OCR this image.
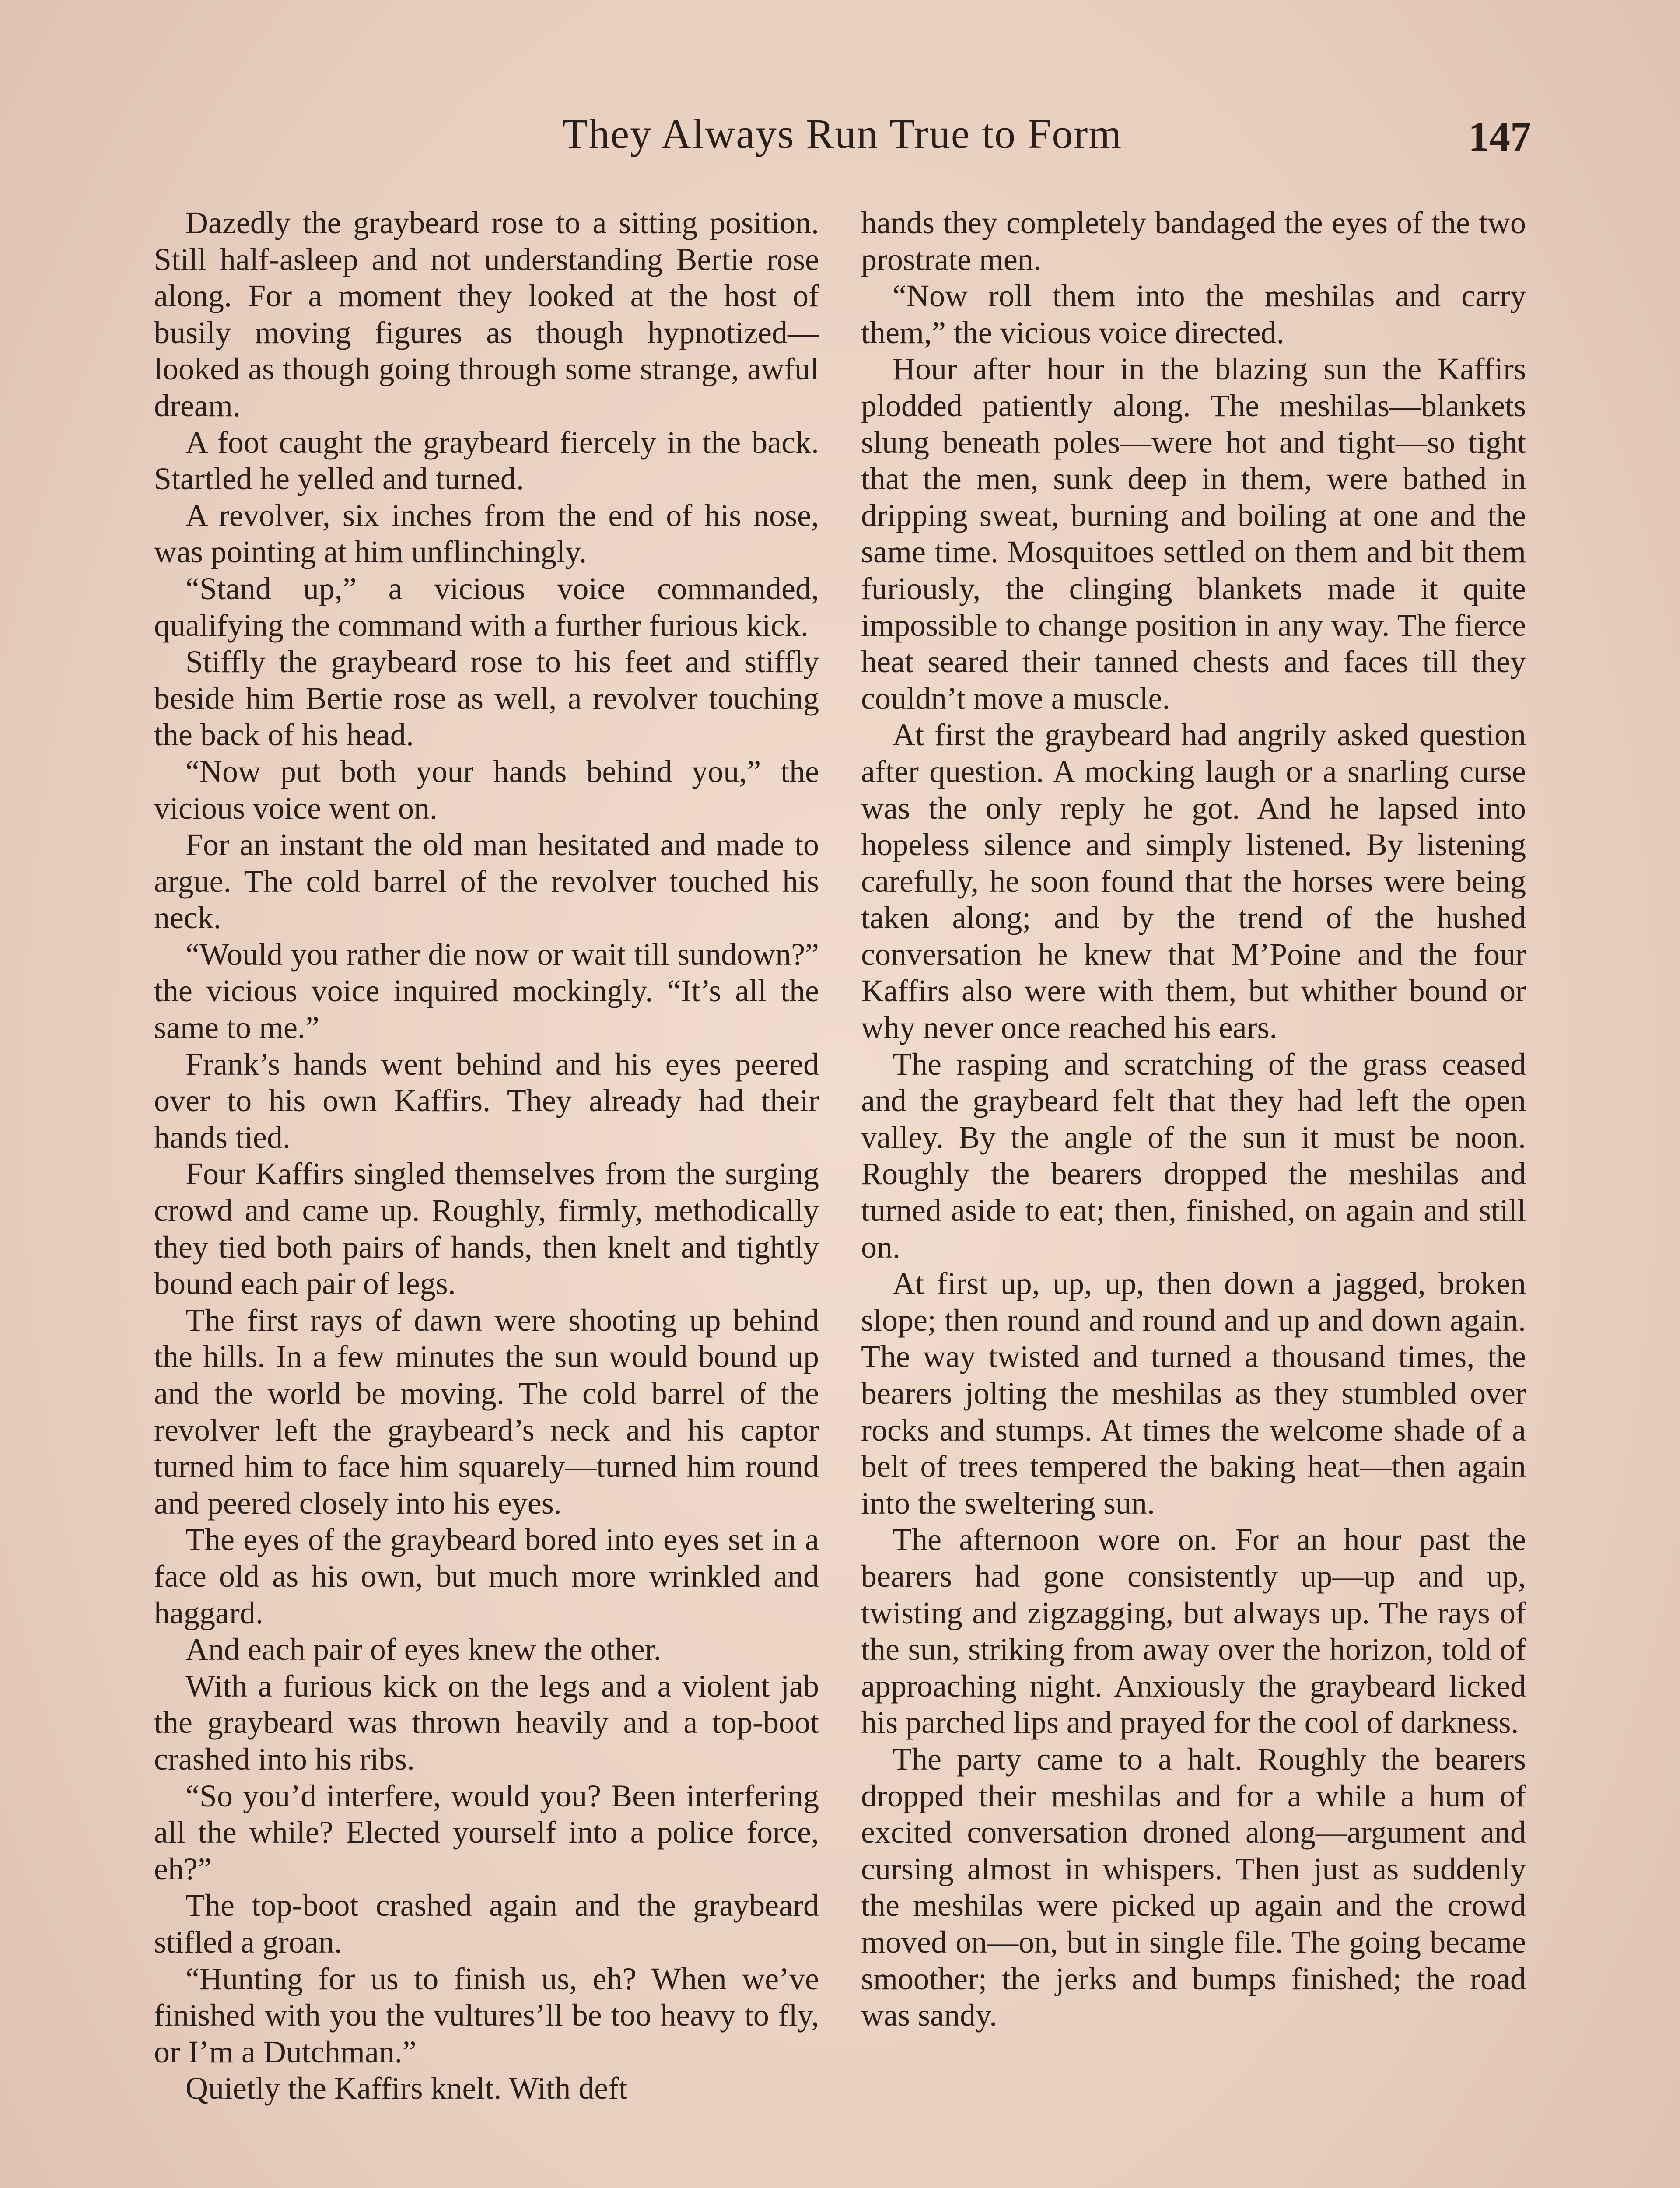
They Always Run True to Form	147

Dazedly the graybeard rose to a sitting position. Still half-asleep and not understanding Bertie rose along. For a moment they looked at the host of busily moving figures as though hypnotized—looked as though going through some strange, awful dream.

A foot caught the graybeard fiercely in the back. Startled he yelled and turned.

A revolver, six inches from the end of his nose, was pointing at him unflinchingly.

“Stand up,” a vicious voice commanded, qualifying the command with a further furious kick.

Stiffly the graybeard rose to his feet and stiffly beside him Bertie rose as well, a revolver touching the back of his head.

“Now put both your hands behind you,” the vicious voice went on.

For an instant the old man hesitated and made to argue. The cold barrel of the revolver touched his neck.

“Would you rather die now or wait till sundown?” the vicious voice inquired mockingly. “It’s all the same to me.”

Frank’s hands went behind and his eyes peered over to his own Kaffirs. They already had their hands tied.

Four Kaffirs singled themselves from the surging crowd and came up. Roughly, firmly, methodically they tied both pairs of hands, then knelt and tightly bound each pair of legs.

The first rays of dawn were shooting up behind the hills. In a few minutes the sun would bound up and the world be moving. The cold barrel of the revolver left the graybeard’s neck and his captor turned him to face him squarely—turned him round and peered closely into his eyes.

The eyes of the graybeard bored into eyes set in a face old as his own, but much more wrinkled and haggard.

And each pair of eyes knew the other.

With a furious kick on the legs and a violent jab the graybeard was thrown heavily and a top-boot crashed into his ribs.

“So you’d interfere, would you? Been interfering all the while? Elected yourself into a police force, eh?”

The top-boot crashed again and the graybeard stifled a groan.

“Hunting for us to finish us, eh? When we’ve finished with you the vultures’ll be too heavy to fly, or I’m a Dutchman.”

Quietly the Kaffirs knelt. With deft

hands they completely bandaged the eyes of the two prostrate men.

“Now roll them into the meshilas and carry them,” the vicious voice directed.

Hour after hour in the blazing sun the Kaffirs plodded patiently along. The meshilas—blankets slung beneath poles—were hot and tight—so tight that the men, sunk deep in them, were bathed in dripping sweat, burning and boiling at one and the same time. Mosquitoes settled on them and bit them furiously, the clinging blankets made it quite impossible to change position in any way. The fierce heat seared their tanned chests and faces till they couldn’t move a muscle.

At first the graybeard had angrily asked question after question. A mocking laugh or a snarling curse was the only reply he got. And he lapsed into hopeless silence and simply listened. By listening carefully, he soon found that the horses were being taken along; and by the trend of the hushed conversation he knew that M’Poine and the four Kaffirs also were with them, but whither bound or why never once reached his ears.

The rasping and scratching of the grass ceased and the graybeard felt that they had left the open valley. By the angle of the sun it must be noon. Roughly the bearers dropped the meshilas and turned aside to eat; then, finished, on again and still on.

At first up, up, up, then down a jagged, broken slope; then round and round and up and down again. The way twisted and turned a thousand times, the bearers jolting the meshilas as they stumbled over rocks and stumps. At times the welcome shade of a belt of trees tempered the baking heat—then again into the sweltering sun.

The afternoon wore on. For an hour past the bearers had gone consistently up—up and up, twisting and zigzagging, but always up. The rays of the sun, striking from away over the horizon, told of approaching night. Anxiously the graybeard licked his parched lips and prayed for the cool of darkness.

The party came to a halt. Roughly the bearers dropped their meshilas and for a while a hum of excited conversation droned along—argument and cursing almost in whispers. Then just as suddenly the meshilas were picked up again and the crowd moved on—on, but in single file. The going became smoother; the jerks and bumps finished; the road was sandy.
